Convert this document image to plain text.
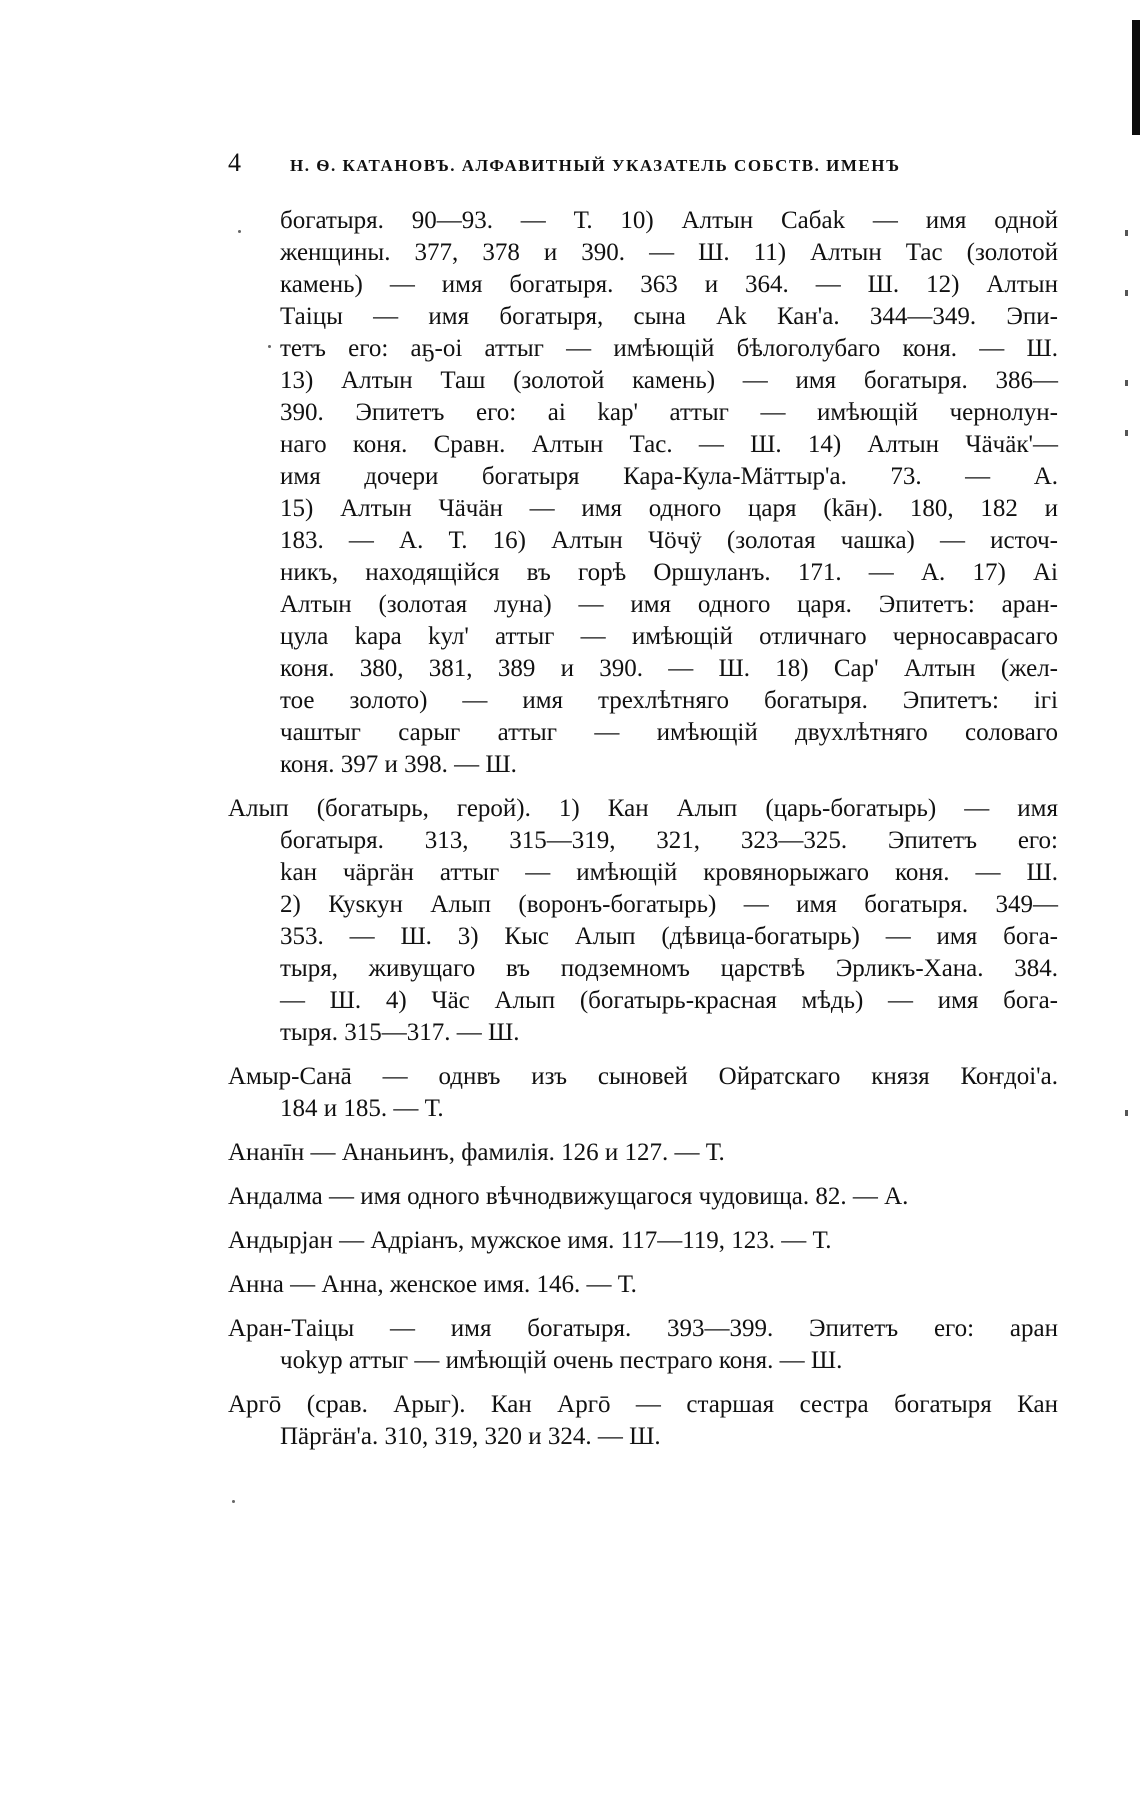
4	Н. Ѳ. КАТАНОВЪ. АЛФАВИТНЫЙ УКАЗАТЕЛЬ СОБСТВ. ИМЕНЪ
богатыря. 90—93. — Т. 10) Алтын Сабаk — имя одной
женщины. 377, 378 и 390. — Ш. 11) Алтын Тас (золотой
камень) — имя богатыря. 363 и 364. — Ш. 12) Алтын
Таiцы — имя богатыря, сына Аk Кан'а. 344—349. Эпи-
тетъ его: аҕ-оі аттыг — имѣющій бѣлоголубаго коня. — Ш.
13) Алтын Таш (золотой камень) — имя богатыря. 386—
390. Эпитетъ его: аі kар' аттыг — имѣющій чернолун-
наго коня. Сравн. Алтын Тас. — Ш. 14) Алтын Чäчäк'—
имя дочери богатыря Кара-Кула-Мäттыр'а. 73. — А.
15) Алтын Чäчäн — имя одного царя (kāн). 180, 182 и
183. — А. Т. 16) Алтын Чöчӱ (золотая чашка) — источ-
никъ, находящійся въ горѣ Оршуланъ. 171. — А. 17) Аі
Алтын (золотая луна) — имя одного царя. Эпитетъ: аран-
цула kара kул' аттыг — имѣющій отличнаго черносаврасаго
коня. 380, 381, 389 и 390. — Ш. 18) Сар' Алтын (жел-
тое золото) — имя трехлѣтняго богатыря. Эпитетъ: ігі
чаштыг сарыг аттыг — имѣющій двухлѣтняго соловаго
коня. 397 и 398. — Ш.
Алып (богатырь, герой). 1) Кан Алып (царь-богатырь) — имя
богатыря. 313, 315—319, 321, 323—325. Эпитетъ его:
kан чäргäн аттыг — имѣющій кровянорыжаго коня. — Ш.
2) Куsкун Алып (воронъ-богатырь) — имя богатыря. 349—
353. — Ш. 3) Кыс Алып (дѣвица-богатырь) — имя бога-
тыря, живущаго въ подземномъ царствѣ Эрликъ-Хана. 384.
— Ш. 4) Чäс Алып (богатырь-красная мѣдь) — имя бога-
тыря. 315—317. — Ш.
Амыр-Санā — однвъ изъ сыновей Ойратскаго князя Коҥдоі'а.
184 и 185. — Т.
Ананīн — Ананьинъ, фамилія. 126 и 127. — Т.
Андалма — имя одного вѣчнодвижущагося чудовища. 82. — А.
Андырjан — Адріанъ, мужское имя. 117—119, 123. — Т.
Анна — Анна, женское имя. 146. — Т.
Аран-Таiцы — имя богатыря. 393—399. Эпитетъ его: аран
чоkур аттыг — имѣющій очень пестраго коня. — Ш.
Аргō (срав. Арыг). Кан Аргō — старшая сестра богатыря Кан
Пäргäн'а. 310, 319, 320 и 324. — Ш.
